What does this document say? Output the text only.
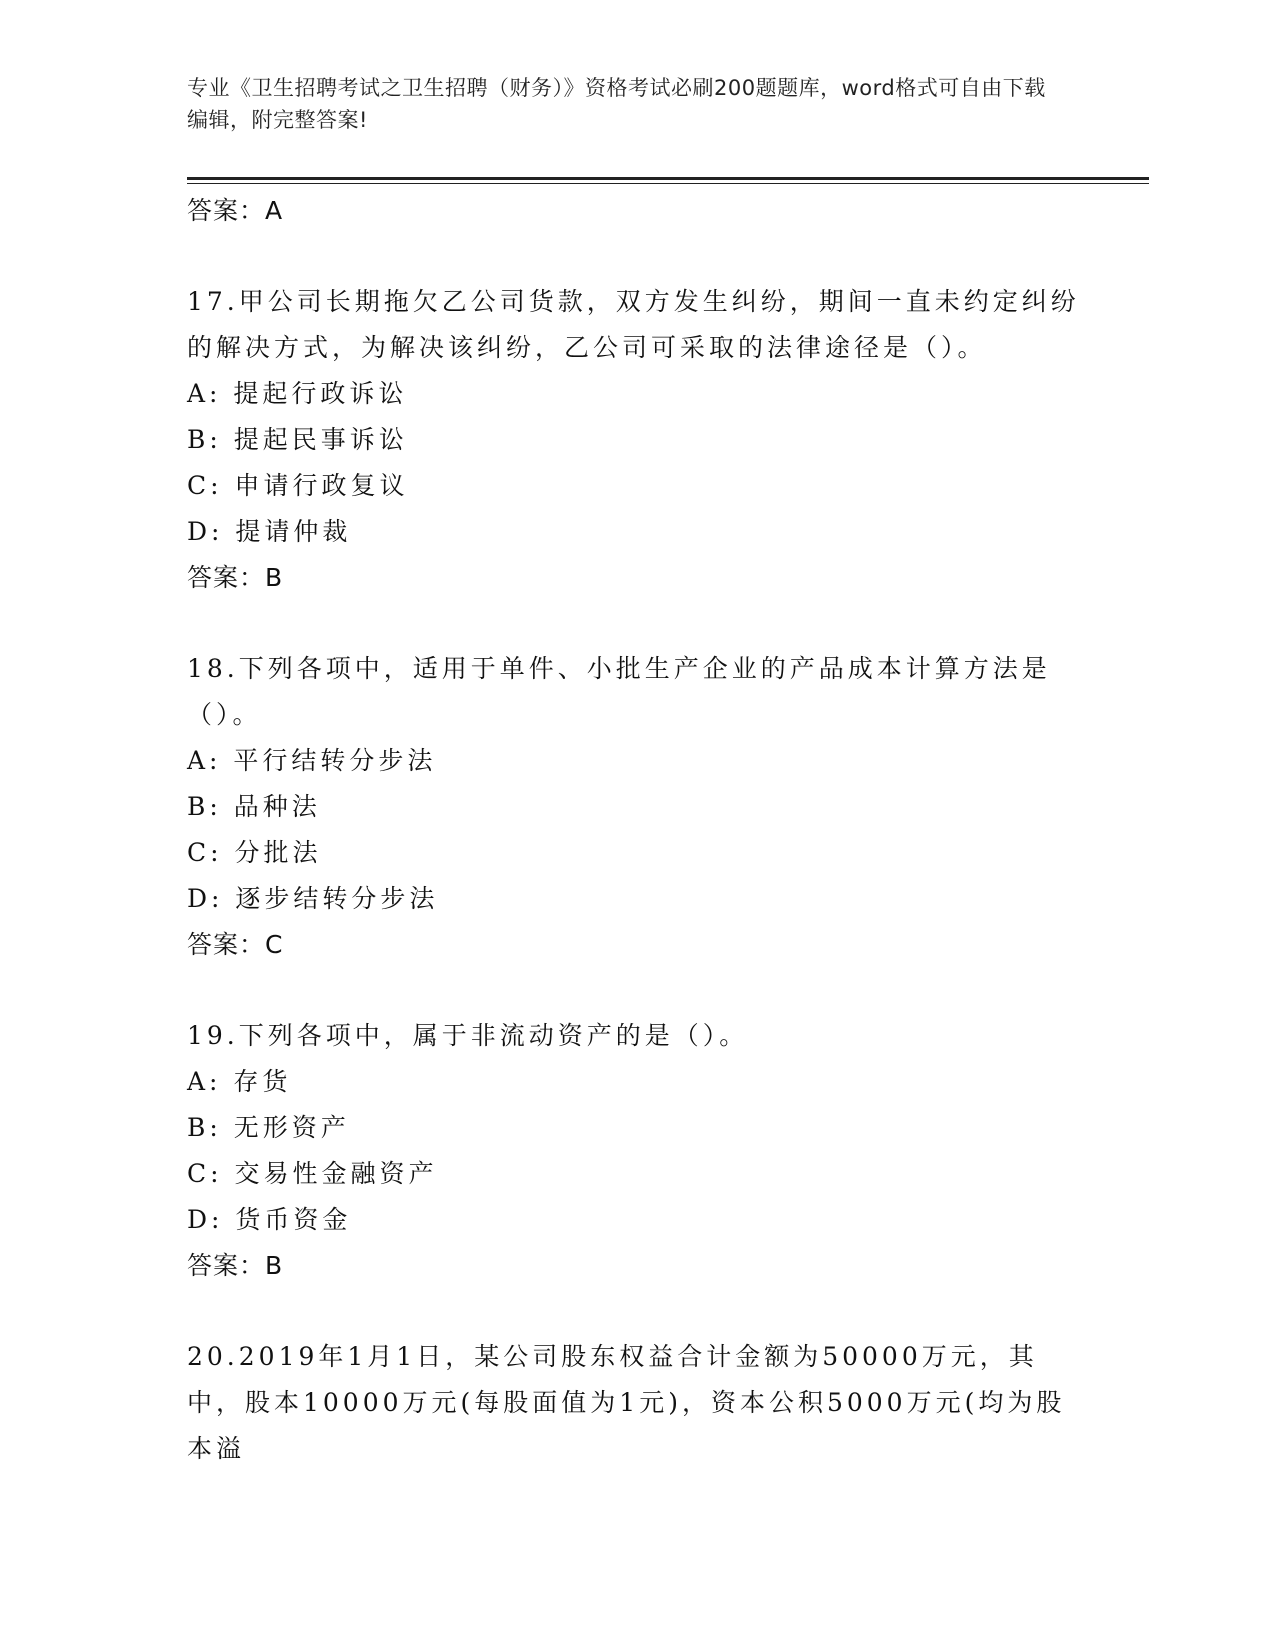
专业《卫生招聘考试之卫生招聘（财务）》资格考试必刷200题题库，word格式可自由下载编辑，附完整答案!
答案：A
17.甲公司长期拖欠乙公司货款，双方发生纠纷，期间一直未约定纠纷的解决方式，为解决该纠纷，乙公司可采取的法律途径是（）。
A: 提起行政诉讼
B: 提起民事诉讼
C: 申请行政复议
D: 提请仲裁
答案：B
18.下列各项中，适用于单件、小批生产企业的产品成本计算方法是（）。
A: 平行结转分步法
B: 品种法
C: 分批法
D: 逐步结转分步法
答案：C
19.下列各项中，属于非流动资产的是（）。
A: 存货
B: 无形资产
C: 交易性金融资产
D: 货币资金
答案：B
20.2019年1月1日，某公司股东权益合计金额为50000万元，其中，股本10000万元(每股面值为1元)，资本公积5000万元(均为股本溢
